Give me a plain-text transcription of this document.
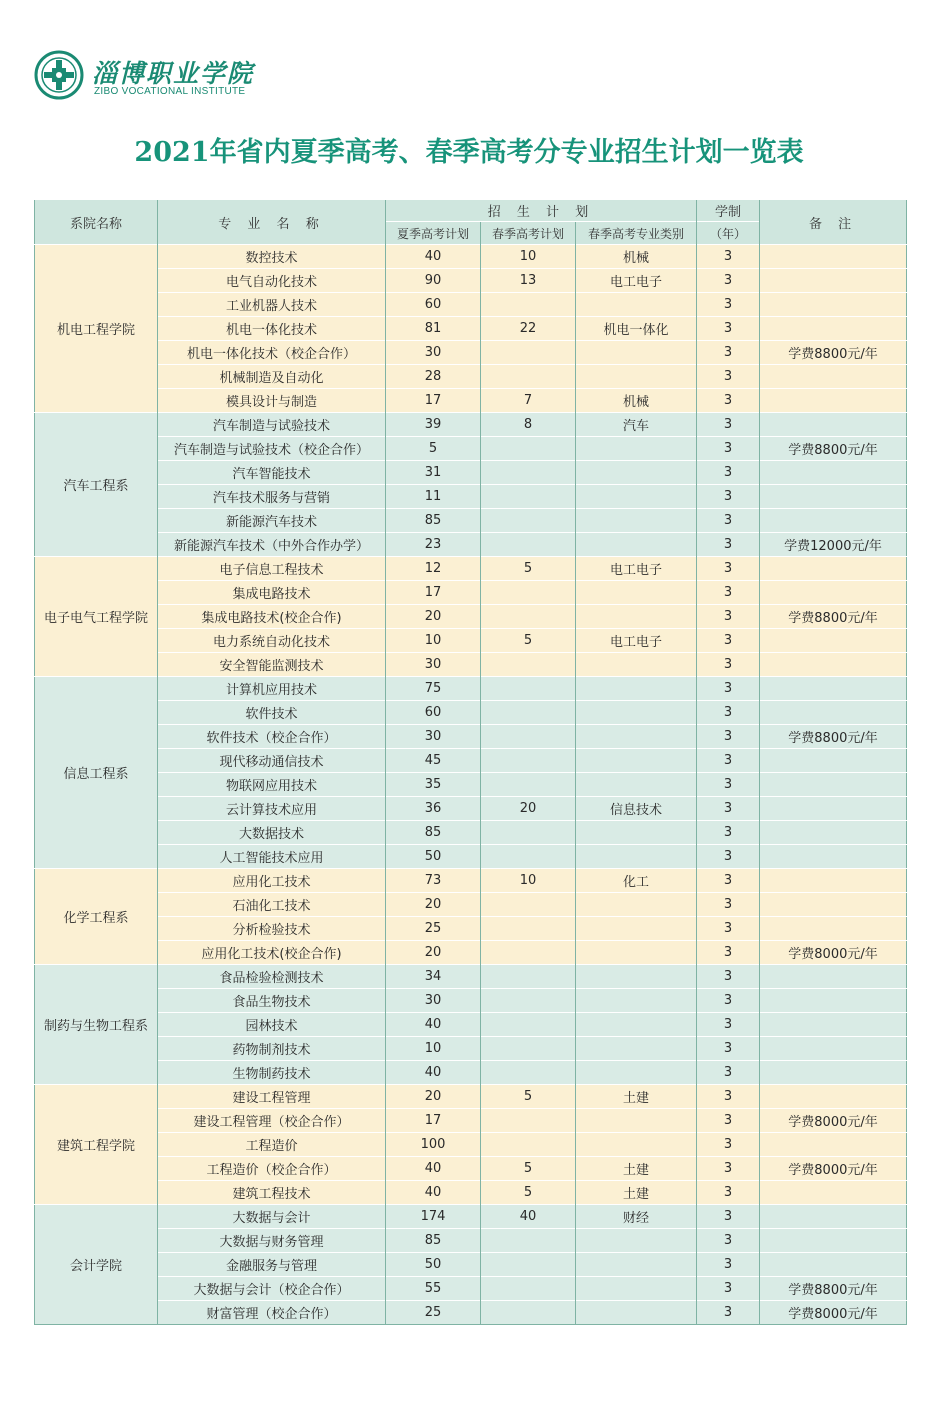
淄博职业学院
ZIBO VOCATIONAL INSTITUTE
2021年省内夏季高考、春季高考分专业招生计划一览表
系院名称	专 业 名 称	招 生 计 划			学制	备 注
		夏季高考计划	春季高考计划	春季高考专业类别	（年）	
机电工程学院	数控技术	40	10	机械	3	
	电气自动化技术	90	13	电工电子	3	
	工业机器人技术	60			3	
	机电一体化技术	81	22	机电一体化	3	
	机电一体化技术（校企合作）	30			3	学费8800元/年
	机械制造及自动化	28			3	
	模具设计与制造	17	7	机械	3	
汽车工程系	汽车制造与试验技术	39	8	汽车	3	
	汽车制造与试验技术（校企合作）	5			3	学费8800元/年
	汽车智能技术	31			3	
	汽车技术服务与营销	11			3	
	新能源汽车技术	85			3	
	新能源汽车技术（中外合作办学）	23			3	学费12000元/年
电子电气工程学院	电子信息工程技术	12	5	电工电子	3	
	集成电路技术	17			3	
	集成电路技术(校企合作)	20			3	学费8800元/年
	电力系统自动化技术	10	5	电工电子	3	
	安全智能监测技术	30			3	
信息工程系	计算机应用技术	75			3	
	软件技术	60			3	
	软件技术（校企合作）	30			3	学费8800元/年
	现代移动通信技术	45			3	
	物联网应用技术	35			3	
	云计算技术应用	36	20	信息技术	3	
	大数据技术	85			3	
	人工智能技术应用	50			3	
化学工程系	应用化工技术	73	10	化工	3	
	石油化工技术	20			3	
	分析检验技术	25			3	
	应用化工技术(校企合作)	20			3	学费8000元/年
制药与生物工程系	食品检验检测技术	34			3	
	食品生物技术	30			3	
	园林技术	40			3	
	药物制剂技术	10			3	
	生物制药技术	40			3	
建筑工程学院	建设工程管理	20	5	土建	3	
	建设工程管理（校企合作）	17			3	学费8000元/年
	工程造价	100			3	
	工程造价（校企合作）	40	5	土建	3	学费8000元/年
	建筑工程技术	40	5	土建	3	
会计学院	大数据与会计	174	40	财经	3	
	大数据与财务管理	85			3	
	金融服务与管理	50			3	
	大数据与会计（校企合作）	55			3	学费8800元/年
	财富管理（校企合作）	25			3	学费8000元/年
